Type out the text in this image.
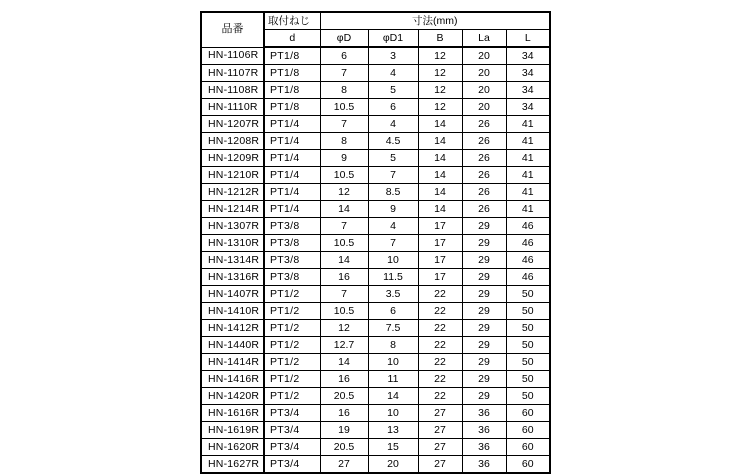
品番	取付ねじ	寸法(mm)				
	d	φD	φD1	B	La	L
HN-1106R	PT1/8	6	3	12	20	34
HN-1107R	PT1/8	7	4	12	20	34
HN-1108R	PT1/8	8	5	12	20	34
HN-1110R	PT1/8	10.5	6	12	20	34
HN-1207R	PT1/4	7	4	14	26	41
HN-1208R	PT1/4	8	4.5	14	26	41
HN-1209R	PT1/4	9	5	14	26	41
HN-1210R	PT1/4	10.5	7	14	26	41
HN-1212R	PT1/4	12	8.5	14	26	41
HN-1214R	PT1/4	14	9	14	26	41
HN-1307R	PT3/8	7	4	17	29	46
HN-1310R	PT3/8	10.5	7	17	29	46
HN-1314R	PT3/8	14	10	17	29	46
HN-1316R	PT3/8	16	11.5	17	29	46
HN-1407R	PT1/2	7	3.5	22	29	50
HN-1410R	PT1/2	10.5	6	22	29	50
HN-1412R	PT1/2	12	7.5	22	29	50
HN-1440R	PT1/2	12.7	8	22	29	50
HN-1414R	PT1/2	14	10	22	29	50
HN-1416R	PT1/2	16	11	22	29	50
HN-1420R	PT1/2	20.5	14	22	29	50
HN-1616R	PT3/4	16	10	27	36	60
HN-1619R	PT3/4	19	13	27	36	60
HN-1620R	PT3/4	20.5	15	27	36	60
HN-1627R	PT3/4	27	20	27	36	60
